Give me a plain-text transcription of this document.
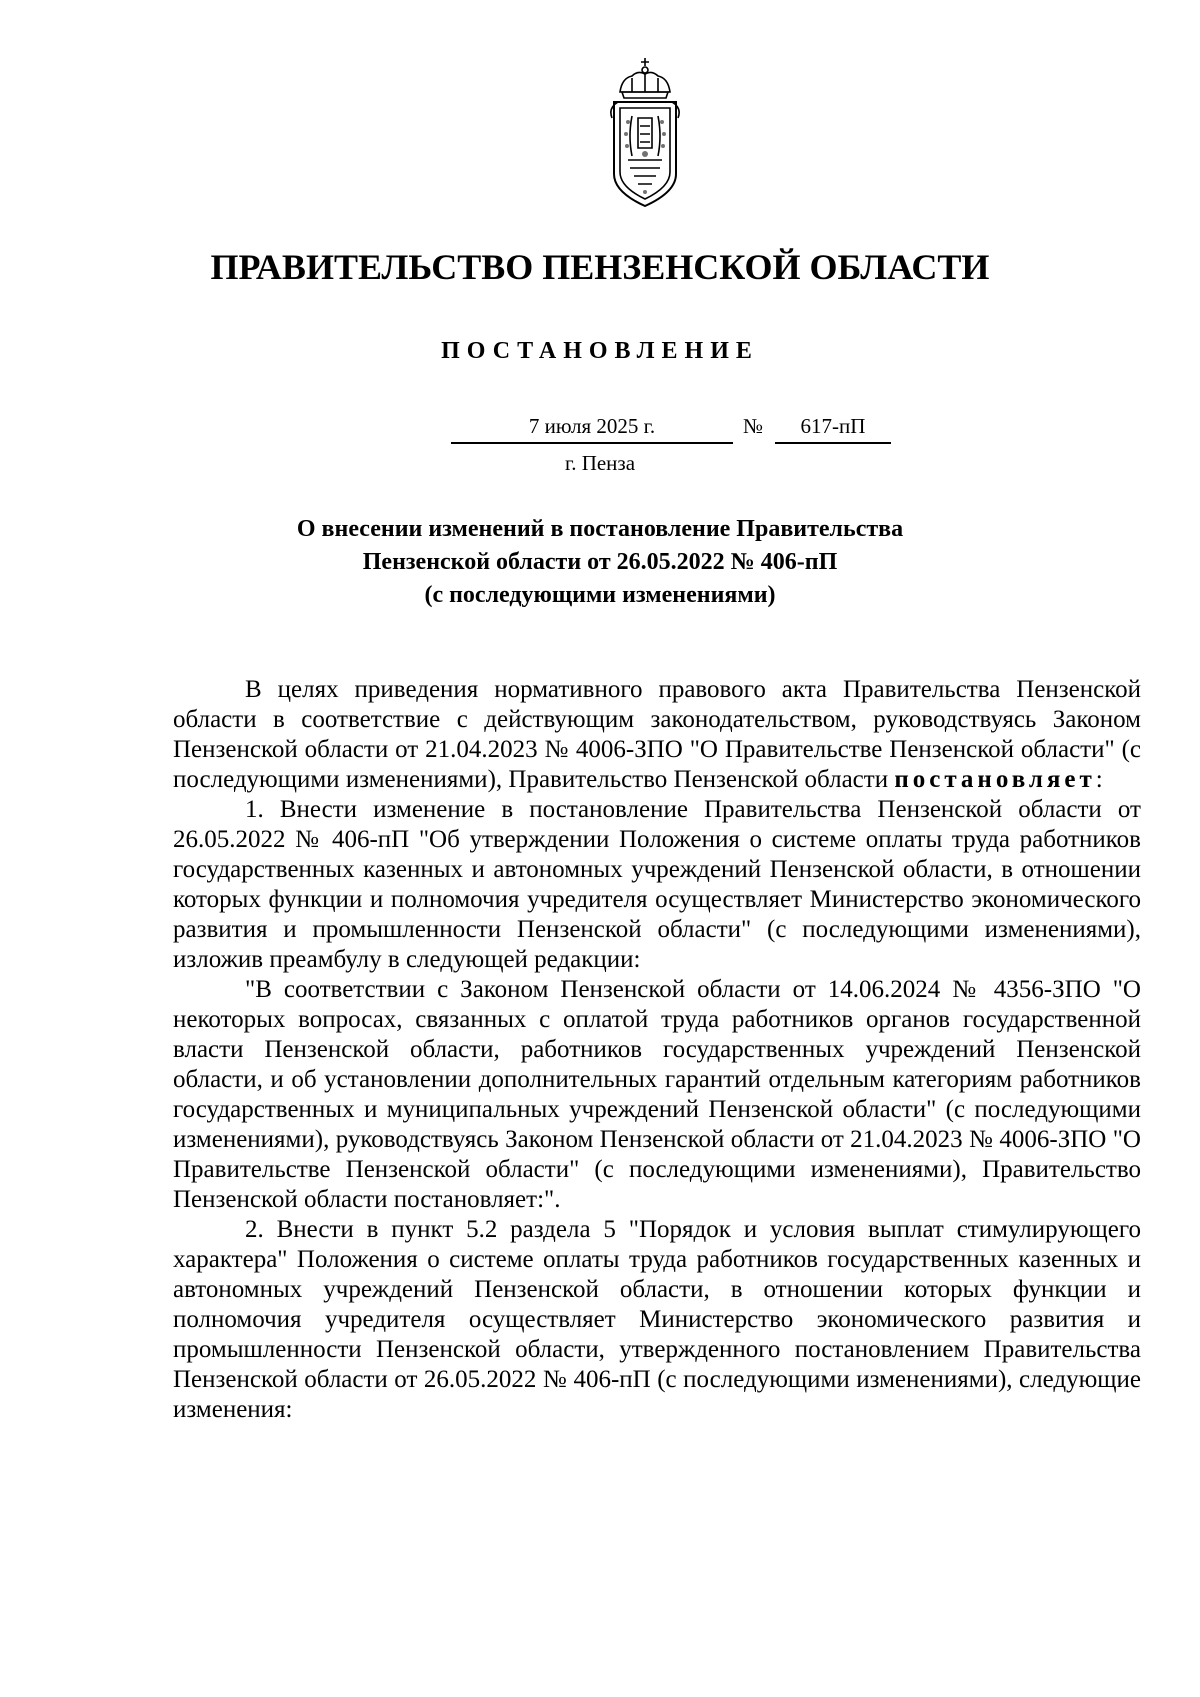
ПРАВИТЕЛЬСТВО ПЕНЗЕНСКОЙ ОБЛАСТИ
ПОСТАНОВЛЕНИЕ
7 июля 2025 г.	№	617-пП
г. Пенза
О внесении изменений в постановление Правительства
Пензенской области от 26.05.2022 № 406-пП
(с последующими изменениями)

В целях приведения нормативного правового акта Правительства Пензенской области в соответствие с действующим законодательством, руководствуясь Законом Пензенской области от 21.04.2023 № 4006-ЗПО "О Правительстве Пензенской области" (с последующими изменениями), Правительство Пензенской области постановляет:

1. Внести изменение в постановление Правительства Пензенской области от 26.05.2022 № 406-пП "Об утверждении Положения о системе оплаты труда работников государственных казенных и автономных учреждений Пензенской области, в отношении которых функции и полномочия учредителя осуществляет Министерство экономического развития и промышленности Пензенской области" (с последующими изменениями), изложив преамбулу в следующей редакции:

"В соответствии с Законом Пензенской области от 14.06.2024 № 4356-ЗПО "О некоторых вопросах, связанных с оплатой труда работников органов государственной власти Пензенской области, работников государственных учреждений Пензенской области, и об установлении дополнительных гарантий отдельным категориям работников государственных и муниципальных учреждений Пензенской области" (с последующими изменениями), руководствуясь Законом Пензенской области от 21.04.2023 № 4006-ЗПО "О Правительстве Пензенской области" (с последующими изменениями), Правительство Пензенской области постановляет:".

2. Внести в пункт 5.2 раздела 5 "Порядок и условия выплат стимулирующего характера" Положения о системе оплаты труда работников государственных казенных и автономных учреждений Пензенской области, в отношении которых функции и полномочия учредителя осуществляет Министерство экономического развития и промышленности Пензенской области, утвержденного постановлением Правительства Пензенской области от 26.05.2022 № 406-пП (с последующими изменениями), следующие изменения:
